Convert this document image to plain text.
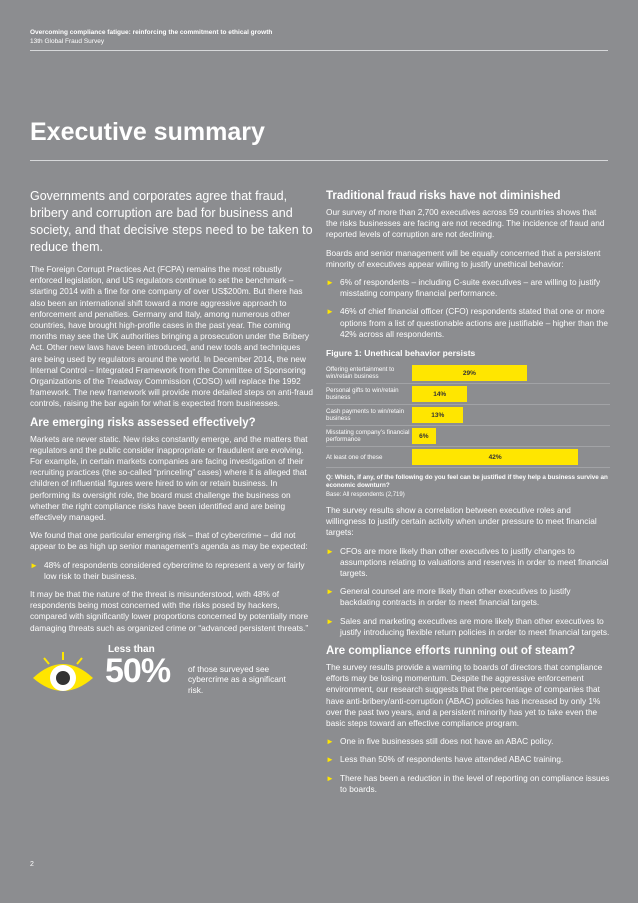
Overcoming compliance fatigue: reinforcing the commitment to ethical growth
13th Global Fraud Survey
Executive summary
Governments and corporates agree that fraud, bribery and corruption are bad for business and society, and that decisive steps need to be taken to reduce them.

The Foreign Corrupt Practices Act (FCPA) remains the most robustly enforced legislation, and US regulators continue to set the benchmark – starting 2014 with a fine for one company of over US$200m. But there has also been an international shift toward a more aggressive approach to enforcement and penalties. Germany and Italy, among numerous other countries, have brought high-profile cases in the past year. The coming months may see the UK authorities bringing a prosecution under the Bribery Act. Other new laws have been introduced, and new tools and techniques are being used by regulators around the world. In December 2014, the new Internal Control – Integrated Framework from the Committee of Sponsoring Organizations of the Treadway Commission (COSO) will replace the 1992 framework. The new framework will provide more detailed steps on anti-fraud controls, raising the bar again for what is expected from businesses.

Are emerging risks assessed effectively?

Markets are never static. New risks constantly emerge, and the matters that regulators and the public consider inappropriate or fraudulent are evolving. For example, in certain markets companies are facing investigation of their recruiting practices (the so-called “princeling” cases) where it is alleged that children of influential figures were hired to win or retain business. In performing its oversight role, the board must challenge the business on whether the right compliance risks have been identified and are being effectively managed.

We found that one particular emerging risk – that of cybercrime – did not appear to be as high up senior management’s agenda as may be expected:

► 48% of respondents considered cybercrime to represent a very or fairly low risk to their business.

It may be that the nature of the threat is misunderstood, with 48% of respondents being most concerned with the risks posed by hackers, compared with significantly lower proportions concerned by potentially more damaging threats such as organized crime or “advanced persistent threats.”

Less than
50% of those surveyed see cybercrime as a significant risk.
Traditional fraud risks have not diminished

Our survey of more than 2,700 executives across 59 countries shows that the risks businesses are facing are not receding. The incidence of fraud and reported levels of corruption are not declining.

Boards and senior management will be equally concerned that a persistent minority of executives appear willing to justify unethical behavior:

► 6% of respondents – including C-suite executives – are willing to justify misstating company financial performance.
► 46% of chief financial officer (CFO) respondents stated that one or more options from a list of questionable actions are justifiable – higher than the 42% across all respondents.
Figure 1: Unethical behavior persists
Offering entertainment to win/retain business	29%
Personal gifts to win/retain business	14%
Cash payments to win/retain business	13%
Misstating company’s financial performance	6%
At least one of these	42%
Q: Which, if any, of the following do you feel can be justified if they help a business survive an economic downturn?
Base: All respondents (2,719)

The survey results show a correlation between executive roles and willingness to justify certain activity when under pressure to meet financial targets:

► CFOs are more likely than other executives to justify changes to assumptions relating to valuations and reserves in order to meet financial targets.
► General counsel are more likely than other executives to justify backdating contracts in order to meet financial targets.
► Sales and marketing executives are more likely than other executives to justify introducing flexible return policies in order to meet financial targets.
Are compliance efforts running out of steam?

The survey results provide a warning to boards of directors that compliance efforts may be losing momentum. Despite the aggressive enforcement environment, our research suggests that the percentage of companies that have anti-bribery/anti-corruption (ABAC) policies has increased by only 1% over the past two years, and a persistent minority has yet to take even the basic steps toward an effective compliance program.

► One in five businesses still does not have an ABAC policy.
► Less than 50% of respondents have attended ABAC training.
► There has been a reduction in the level of reporting on compliance issues to boards.
2
